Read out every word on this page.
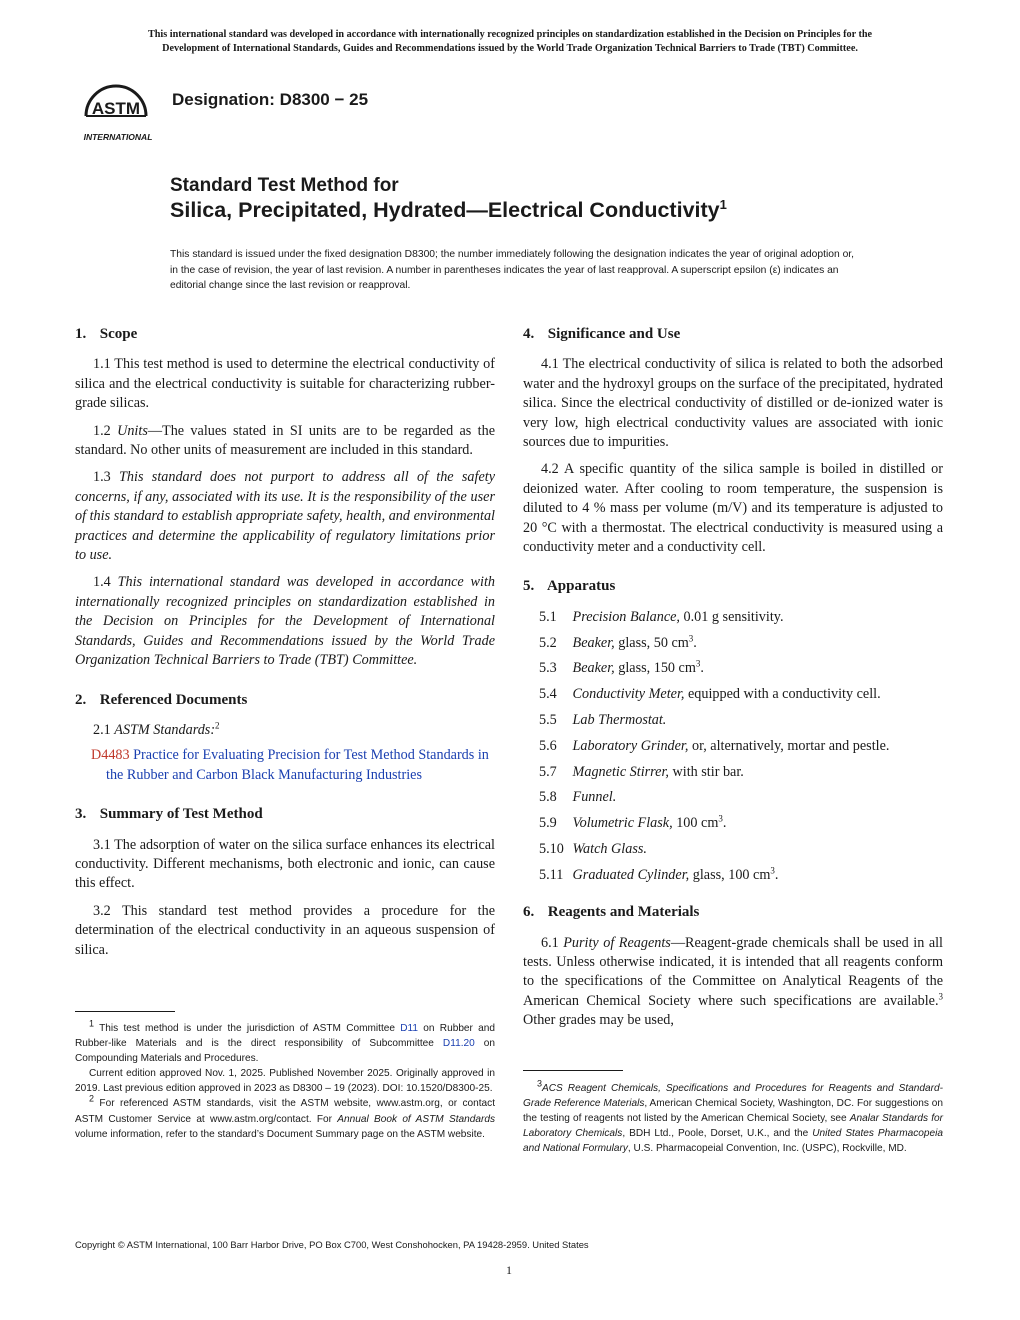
This international standard was developed in accordance with internationally recognized principles on standardization established in the Decision on Principles for the
Development of International Standards, Guides and Recommendations issued by the World Trade Organization Technical Barriers to Trade (TBT) Committee.
ASTM
INTERNATIONAL
Designation: D8300 − 25
Standard Test Method for
Silica, Precipitated, Hydrated—Electrical Conductivity$^1$
This standard is issued under the fixed designation D8300; the number immediately following the designation indicates the year of original adoption or, in the case of revision, the year of last revision. A number in parentheses indicates the year of last reapproval. A superscript epsilon (ε) indicates an editorial change since the last revision or reapproval.
1. Scope
1.1 This test method is used to determine the electrical conductivity of silica and the electrical conductivity is suitable for characterizing rubber-grade silicas.
1.2 Units—The values stated in SI units are to be regarded as the standard. No other units of measurement are included in this standard.
1.3 This standard does not purport to address all of the safety concerns, if any, associated with its use. It is the responsibility of the user of this standard to establish appropriate safety, health, and environmental practices and determine the applicability of regulatory limitations prior to use.
1.4 This international standard was developed in accordance with internationally recognized principles on standardization established in the Decision on Principles for the Development of International Standards, Guides and Recommendations issued by the World Trade Organization Technical Barriers to Trade (TBT) Committee.
2. Referenced Documents
2.1 ASTM Standards:$^2$
D4483 Practice for Evaluating Precision for Test Method Standards in the Rubber and Carbon Black Manufacturing Industries
3. Summary of Test Method
3.1 The adsorption of water on the silica surface enhances its electrical conductivity. Different mechanisms, both electronic and ionic, can cause this effect.
3.2 This standard test method provides a procedure for the determination of the electrical conductivity in an aqueous suspension of silica.
$^1$ This test method is under the jurisdiction of ASTM Committee D11 on Rubber and Rubber-like Materials and is the direct responsibility of Subcommittee D11.20 on Compounding Materials and Procedures.
Current edition approved Nov. 1, 2025. Published November 2025. Originally approved in 2019. Last previous edition approved in 2023 as D8300 – 19 (2023). DOI: 10.1520/D8300-25.
$^2$ For referenced ASTM standards, visit the ASTM website, www.astm.org, or contact ASTM Customer Service at www.astm.org/contact. For Annual Book of ASTM Standards volume information, refer to the standard’s Document Summary page on the ASTM website.
4. Significance and Use
4.1 The electrical conductivity of silica is related to both the adsorbed water and the hydroxyl groups on the surface of the precipitated, hydrated silica. Since the electrical conductivity of distilled or de-ionized water is very low, high electrical conductivity values are associated with ionic sources due to impurities.
4.2 A specific quantity of the silica sample is boiled in distilled or deionized water. After cooling to room temperature, the suspension is diluted to 4 % mass per volume (m/V) and its temperature is adjusted to 20 °C with a thermostat. The electrical conductivity is measured using a conductivity meter and a conductivity cell.
5. Apparatus
5.1 Precision Balance, 0.01 g sensitivity.
5.2 Beaker, glass, 50 $cm^3$.
5.3 Beaker, glass, 150 $cm^3$.
5.4 Conductivity Meter, equipped with a conductivity cell.
5.5 Lab Thermostat.
5.6 Laboratory Grinder, or, alternatively, mortar and pestle.
5.7 Magnetic Stirrer, with stir bar.
5.8 Funnel.
5.9 Volumetric Flask, 100 $cm^3$.
5.10 Watch Glass.
5.11 Graduated Cylinder, glass, 100 $cm^3$.
6. Reagents and Materials
6.1 Purity of Reagents—Reagent-grade chemicals shall be used in all tests. Unless otherwise indicated, it is intended that all reagents conform to the specifications of the Committee on Analytical Reagents of the American Chemical Society where such specifications are available.$^3$ Other grades may be used,
$^3$ACS Reagent Chemicals, Specifications and Procedures for Reagents and Standard-Grade Reference Materials, American Chemical Society, Washington, DC. For suggestions on the testing of reagents not listed by the American Chemical Society, see Analar Standards for Laboratory Chemicals, BDH Ltd., Poole, Dorset, U.K., and the United States Pharmacopeia and National Formulary, U.S. Pharmacopeial Convention, Inc. (USPC), Rockville, MD.
Copyright © ASTM International, 100 Barr Harbor Drive, PO Box C700, West Conshohocken, PA 19428-2959. United States
1
